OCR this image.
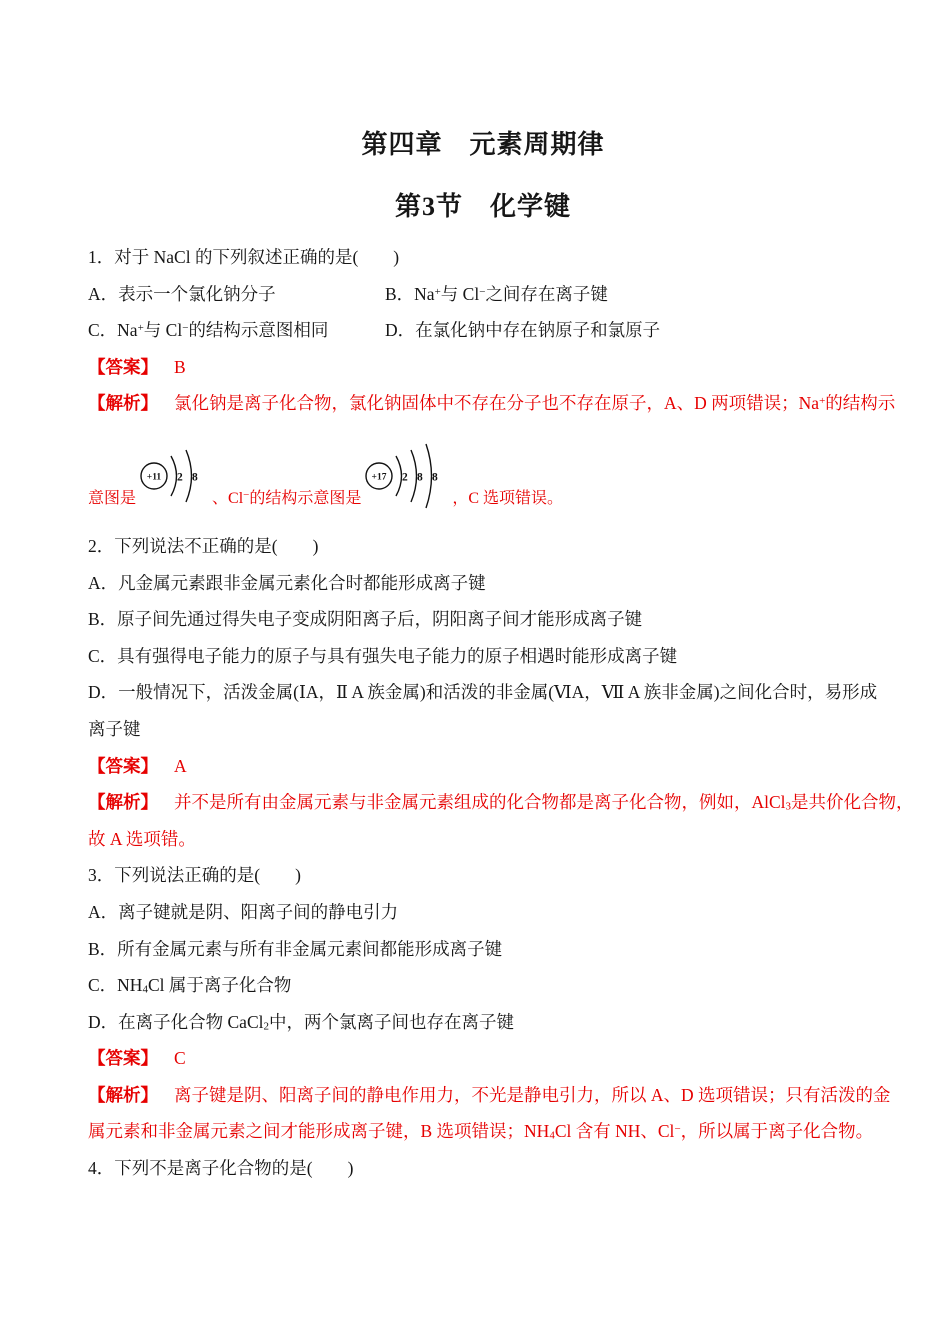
第四章　元素周期律
第3节　化学键

1．对于 NaCl 的下列叙述正确的是(　　)

A．表示一个氯化钠分子	B．Na+与 Cl−之间存在离子键
C．Na+与 Cl−的结构示意图相同	D．在氯化钠中存在钠原子和氯原子

【答案】 B

【解析】 氯化钠是离子化合物，氯化钠固体中不存在分子也不存在原子，A、D 两项错误；Na+的结构示

意图是
+11 2 8
、Cl−的结构示意图是
+17 2 8 8
，C 选项错误。

2．下列说法不正确的是(　　)

A．凡金属元素跟非金属元素化合时都能形成离子键

B．原子间先通过得失电子变成阴阳离子后，阴阳离子间才能形成离子键

C．具有强得电子能力的原子与具有强失电子能力的原子相遇时能形成离子键

D．一般情况下，活泼金属(ⅠA，Ⅱ A 族金属)和活泼的非金属(ⅥA，Ⅶ A 族非金属)之间化合时，易形成

离子键

【答案】 A

【解析】 并不是所有由金属元素与非金属元素组成的化合物都是离子化合物，例如，AlCl$_3$是共价化合物，

故 A 选项错。

3．下列说法正确的是(　　)

A．离子键就是阴、阳离子间的静电引力

B．所有金属元素与所有非金属元素间都能形成离子键

C．$NH_4Cl$ 属于离子化合物

D．在离子化合物 CaCl$_2$中，两个氯离子间也存在离子键

【答案】 C

【解析】 离子键是阴、阳离子间的静电作用力，不光是静电引力，所以 A、D 选项错误；只有活泼的金

属元素和非金属元素之间才能形成离子键，B 选项错误；$NH_4Cl$ 含有 NH、Cl−，所以属于离子化合物。

4．下列不是离子化合物的是(　　)
